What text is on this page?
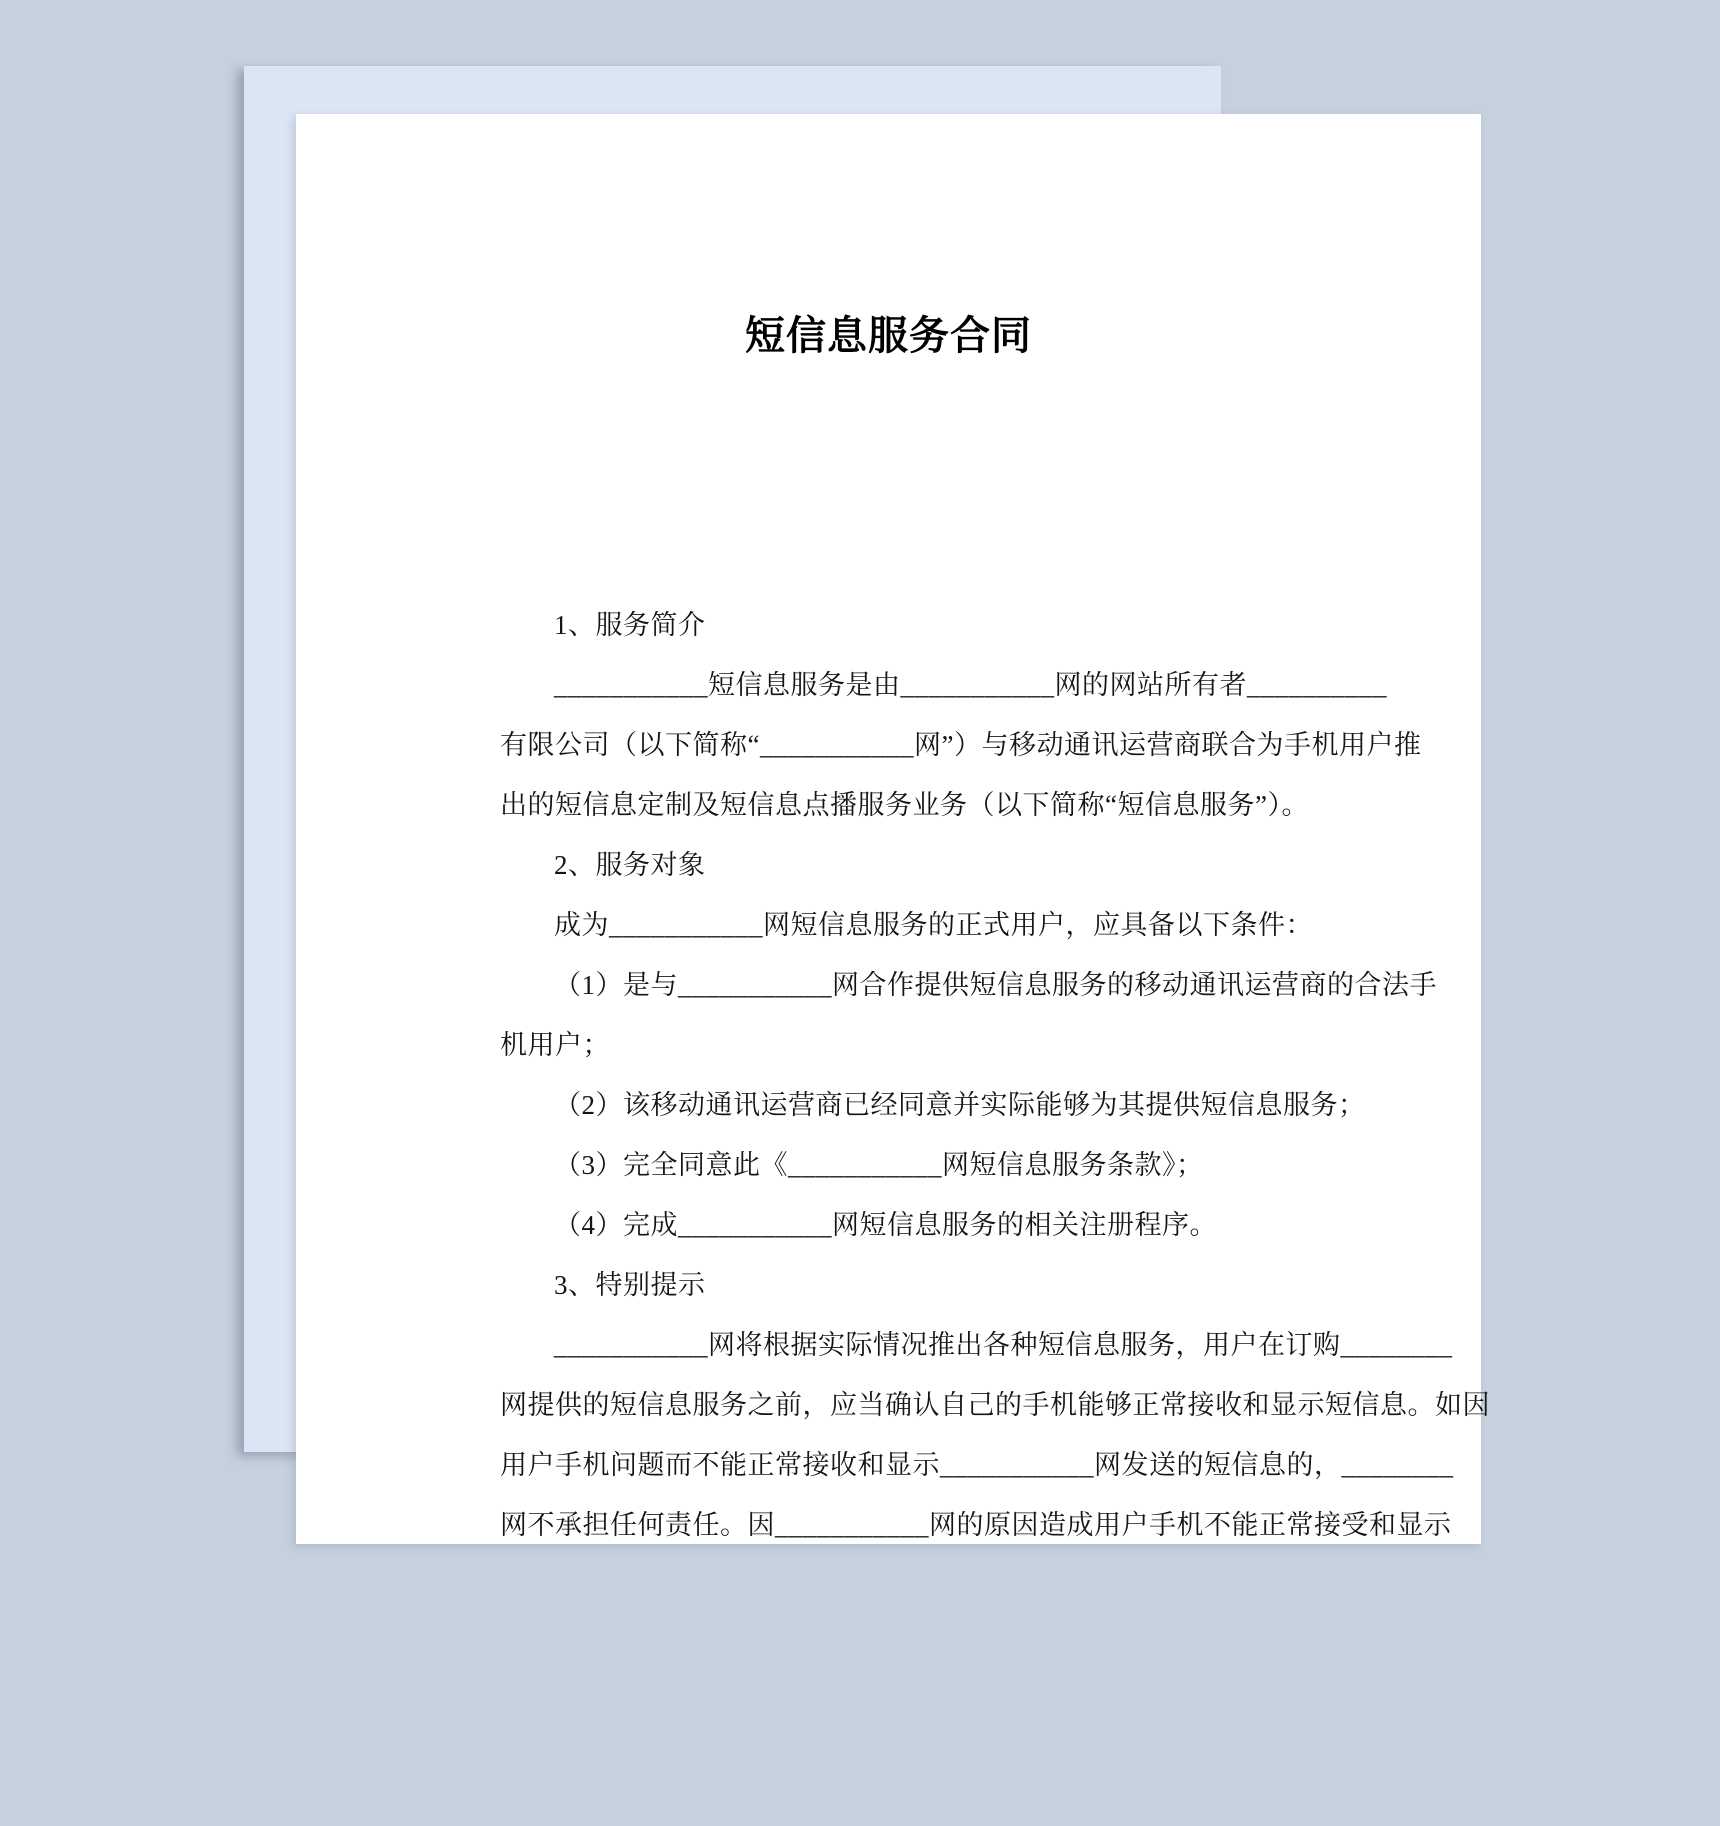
短信息服务合同

1、服务简介

___________短信息服务是由___________网的网站所有者__________

有限公司（以下简称“___________网”）与移动通讯运营商联合为手机用户推

出的短信息定制及短信息点播服务业务（以下简称“短信息服务”）。

2、服务对象

成为___________网短信息服务的正式用户，应具备以下条件：

（1）是与___________网合作提供短信息服务的移动通讯运营商的合法手

机用户；

（2）该移动通讯运营商已经同意并实际能够为其提供短信息服务；

（3）完全同意此《___________网短信息服务条款》；

（4）完成___________网短信息服务的相关注册程序。

3、特别提示

___________网将根据实际情况推出各种短信息服务，用户在订购________

网提供的短信息服务之前，应当确认自己的手机能够正常接收和显示短信息。如因

用户手机问题而不能正常接收和显示___________网发送的短信息的，________

网不承担任何责任。因___________网的原因造成用户手机不能正常接受和显示
